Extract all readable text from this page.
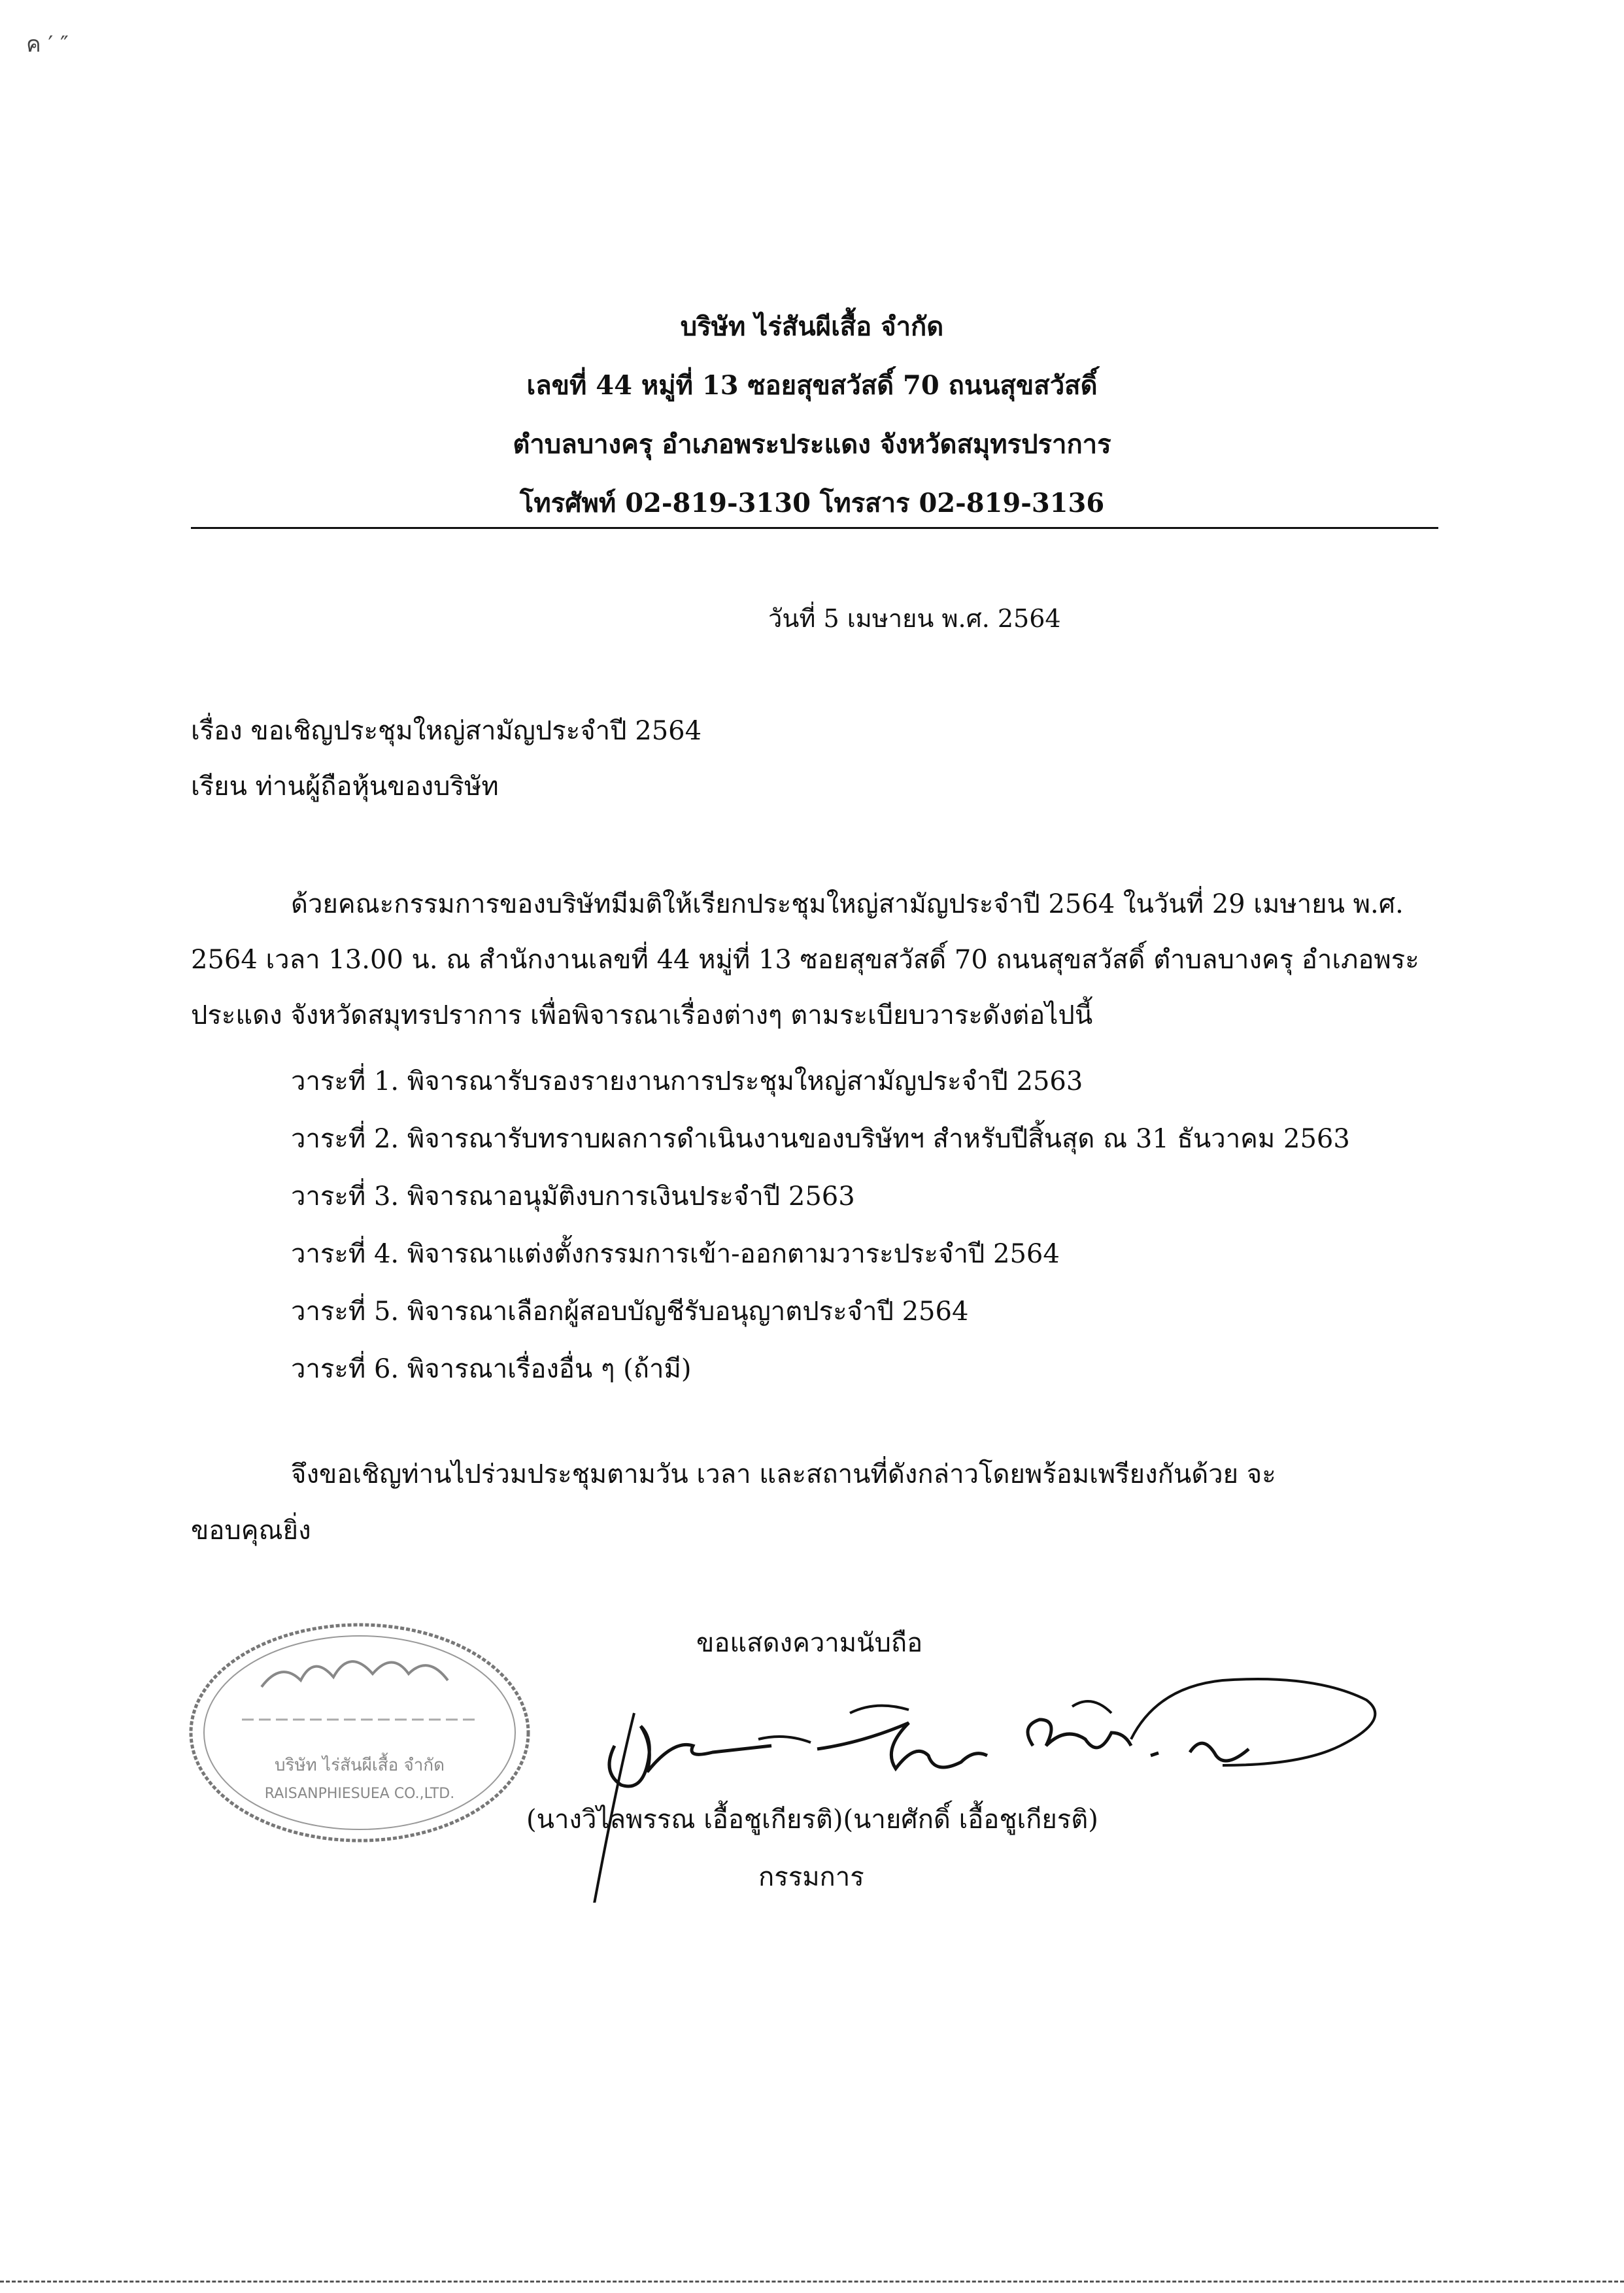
ค ′ ″
บริษัท ไร่สันผีเสื้อ จำกัด
เลขที่ 44 หมู่ที่ 13 ซอยสุขสวัสดิ์ 70 ถนนสุขสวัสดิ์
ตำบลบางครุ อำเภอพระประแดง จังหวัดสมุทรปราการ
โทรศัพท์ 02-819-3130 โทรสาร 02-819-3136
วันที่ 5 เมษายน พ.ศ. 2564
เรื่อง ขอเชิญประชุมใหญ่สามัญประจำปี 2564
เรียน ท่านผู้ถือหุ้นของบริษัท
ด้วยคณะกรรมการของบริษัทมีมติให้เรียกประชุมใหญ่สามัญประจำปี 2564 ในวันที่ 29 เมษายน พ.ศ.
2564 เวลา 13.00 น. ณ สำนักงานเลขที่ 44 หมู่ที่ 13 ซอยสุขสวัสดิ์ 70 ถนนสุขสวัสดิ์ ตำบลบางครุ อำเภอพระ
ประแดง จังหวัดสมุทรปราการ เพื่อพิจารณาเรื่องต่างๆ ตามระเบียบวาระดังต่อไปนี้
วาระที่ 1. พิจารณารับรองรายงานการประชุมใหญ่สามัญประจำปี 2563
วาระที่ 2. พิจารณารับทราบผลการดำเนินงานของบริษัทฯ สำหรับปีสิ้นสุด ณ 31 ธันวาคม 2563
วาระที่ 3. พิจารณาอนุมัติงบการเงินประจำปี 2563
วาระที่ 4. พิจารณาแต่งตั้งกรรมการเข้า-ออกตามวาระประจำปี 2564
วาระที่ 5. พิจารณาเลือกผู้สอบบัญชีรับอนุญาตประจำปี 2564
วาระที่ 6. พิจารณาเรื่องอื่น ๆ (ถ้ามี)
จึงขอเชิญท่านไปร่วมประชุมตามวัน เวลา และสถานที่ดังกล่าวโดยพร้อมเพรียงกันด้วย จะ
ขอบคุณยิ่ง
ขอแสดงความนับถือ
บริษัท ไร่สันผีเสื้อ จำกัด
RAISANPHIESUEA CO.,LTD.
(นางวิไลพรรณ เอื้อชูเกียรติ)(นายศักดิ์ เอื้อชูเกียรติ)
กรรมการ
